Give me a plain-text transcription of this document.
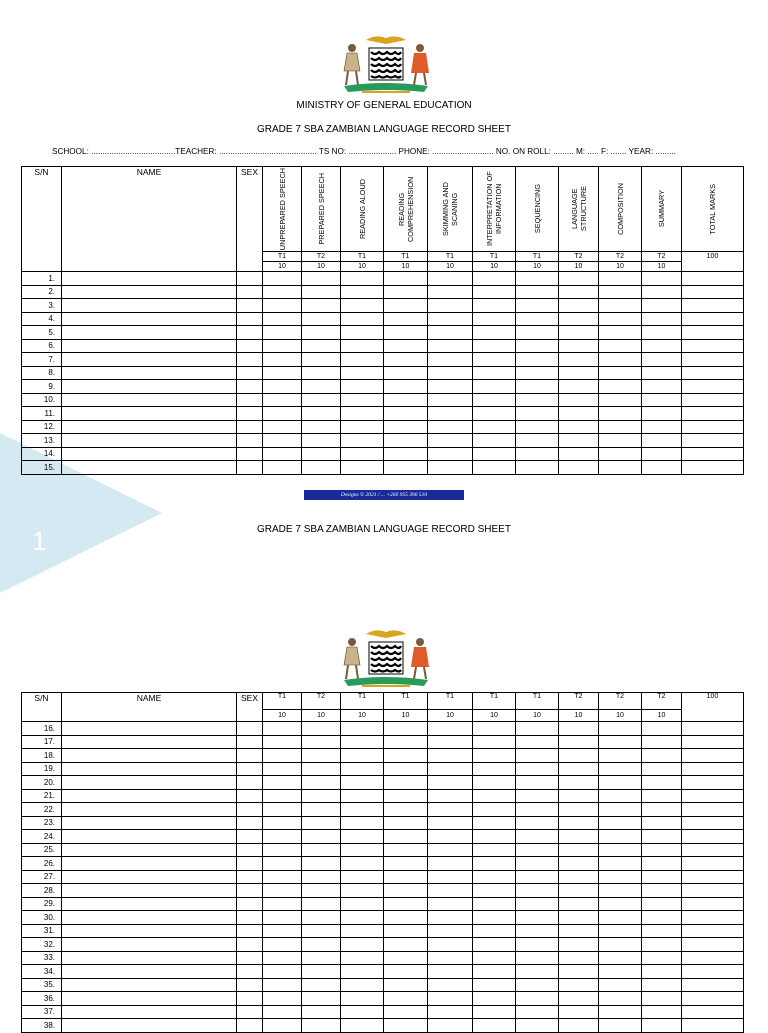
1
MINISTRY OF GENERAL EDUCATION
GRADE 7 SBA ZAMBIAN LANGUAGE RECORD SHEET
SCHOOL: .....................................TEACHER: ........................................... TS NO: ..................... PHONE: ........................... NO. ON ROLL: ......... M: ..... F: ....... YEAR: .........
S/N	NAME	SEX	UNPREPARED SPEECH	PREPARED SPEECH	READING ALOUD	READING COMPREHENSION	SKIMMING AND SCANING	INTERPRETATION OF INFORMATION	SEQUENCING	LANGUAGE STRUCTURE	COMPOSITION	SUMMARY	TOTAL MARKS

			T1	T2	T1	T1	T1	T1	T1	T2	T2	T2	100
			10	10	10	10	10	10	10	10	10	10	
1.													
2.													
3.													
4.													
5.													
6.													
7.													
8.													
9.													
10.													
11.													
12.													
13.													
14.													
15.													
Designs © 2021 / ... +260 955 396 510
GRADE 7 SBA ZAMBIAN LANGUAGE RECORD SHEET
S/N	NAME	SEX	T1	T2	T1	T1	T1	T1	T1	T2	T2	T2	100
			10	10	10	10	10	10	10	10	10	10	
16.													
17.													
18.													
19.													
20.													
21.													
22.													
23.													
24.													
25.													
26.													
27.													
28.													
29.													
30.													
31.													
32.													
33.													
34.													
35.													
36.													
37.													
38.													
